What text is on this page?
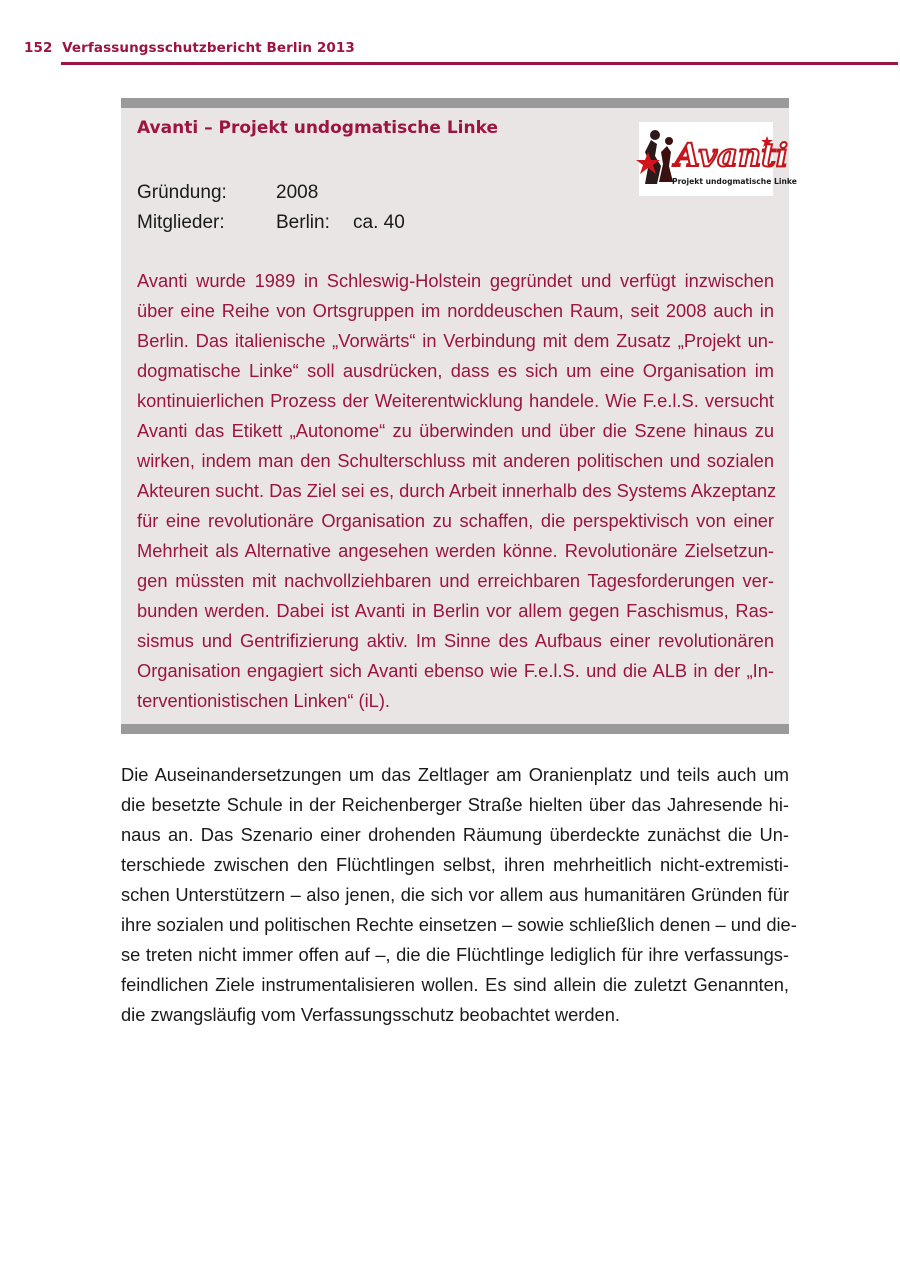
152 Verfassungsschutzbericht Berlin 2013
Avanti – Projekt undogmatische Linke
Gründung:	2008
Mitglieder:	Berlin: ca. 40
Avanti
Projekt undogmatische Linke
Avanti wurde 1989 in Schleswig-Holstein gegründet und verfügt inzwischen
über eine Reihe von Ortsgruppen im norddeuschen Raum, seit 2008 auch in
Berlin. Das italienische „Vorwärts“ in Verbindung mit dem Zusatz „Projekt un-
dogmatische Linke“ soll ausdrücken, dass es sich um eine Organisation im
kontinuierlichen Prozess der Weiterentwicklung handele. Wie F.e.l.S. versucht
Avanti das Etikett „Autonome“ zu überwinden und über die Szene hinaus zu
wirken, indem man den Schulterschluss mit anderen politischen und sozialen
Akteuren sucht. Das Ziel sei es, durch Arbeit innerhalb des Systems Akzeptanz
für eine revolutionäre Organisation zu schaffen, die perspektivisch von einer
Mehrheit als Alternative angesehen werden könne. Revolutionäre Zielsetzun-
gen müssten mit nachvollziehbaren und erreichbaren Tagesforderungen ver-
bunden werden. Dabei ist Avanti in Berlin vor allem gegen Faschismus, Ras-
sismus und Gentrifizierung aktiv. Im Sinne des Aufbaus einer revolutionären
Organisation engagiert sich Avanti ebenso wie F.e.l.S. und die ALB in der „In-
terventionistischen Linken“ (iL).
Die Auseinandersetzungen um das Zeltlager am Oranienplatz und teils auch um
die besetzte Schule in der Reichenberger Straße hielten über das Jahresende hi-
naus an. Das Szenario einer drohenden Räumung überdeckte zunächst die Un-
terschiede zwischen den Flüchtlingen selbst, ihren mehrheitlich nicht-extremisti-
schen Unterstützern – also jenen, die sich vor allem aus humanitären Gründen für
ihre sozialen und politischen Rechte einsetzen – sowie schließlich denen – und die-
se treten nicht immer offen auf –, die die Flüchtlinge lediglich für ihre verfassungs-
feindlichen Ziele instrumentalisieren wollen. Es sind allein die zuletzt Genannten,
die zwangsläufig vom Verfassungsschutz beobachtet werden.
